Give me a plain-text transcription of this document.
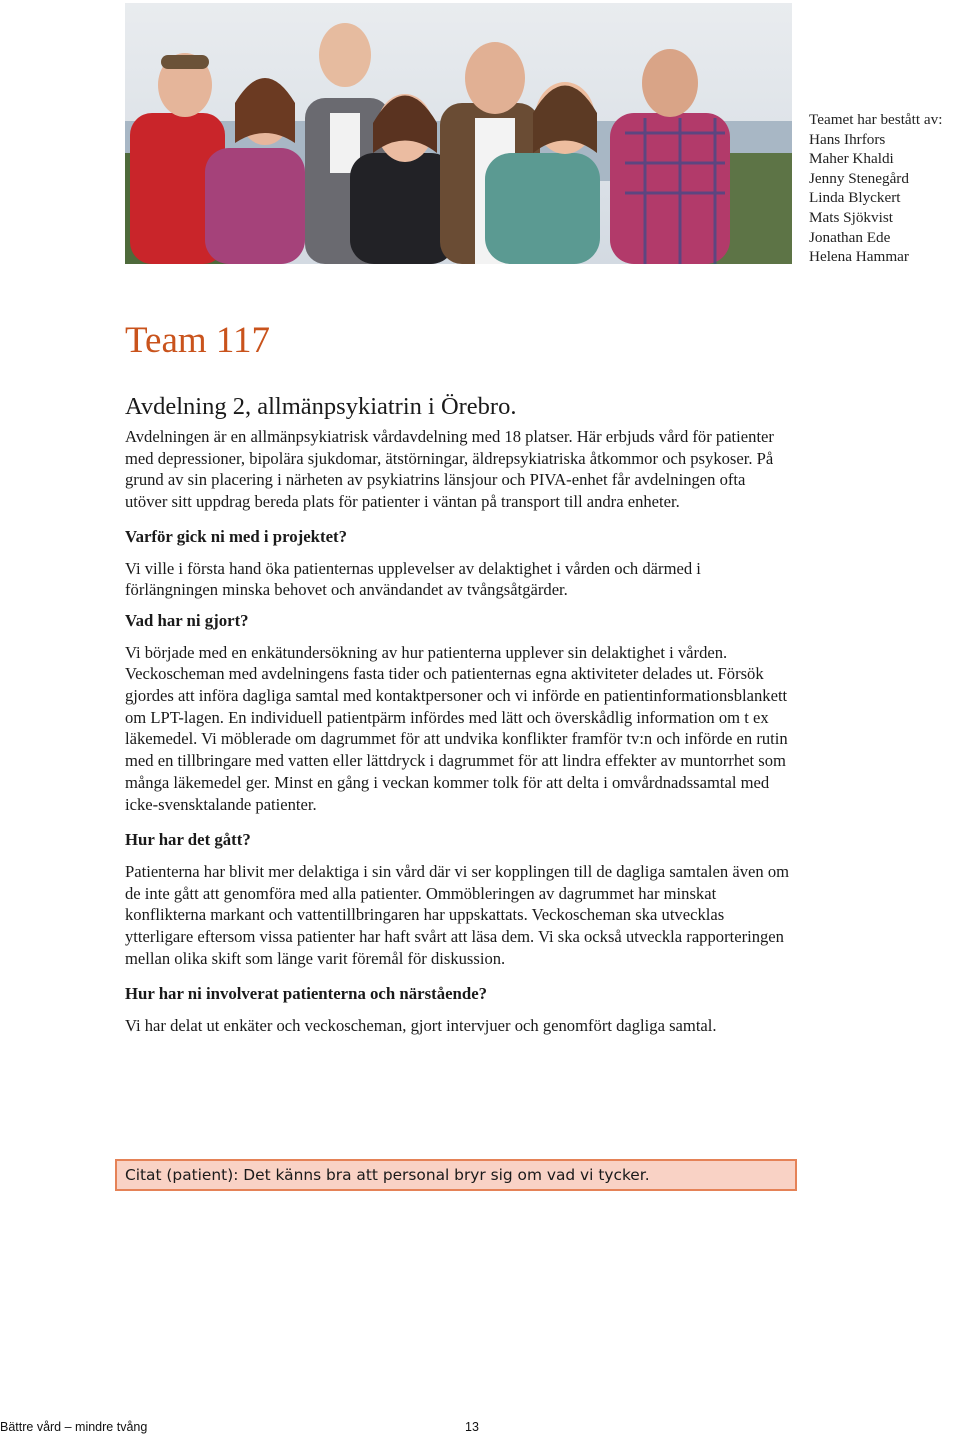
Teamet har bestått av:
Hans Ihrfors
Maher Khaldi
Jenny Stenegård
Linda Blyckert
Mats Sjökvist
Jonathan Ede
Helena Hammar
Team 117
Avdelning 2, allmänpsykiatrin i Örebro.

Avdelningen är en allmänpsykiatrisk vårdavdelning med 18 platser. Här erbjuds vård för patienter med depressioner, bipolära sjukdomar, ätstörningar, äldrepsykiatriska åtkommor och psykoser. På grund av sin placering i närheten av psykiatrins länsjour och PIVA-enhet får avdelningen ofta utöver sitt uppdrag bereda plats för patienter i väntan på transport till andra enheter.

Varför gick ni med i projektet?

Vi ville i första hand öka patienternas upplevelser av delaktighet i vården och därmed i förlängningen minska behovet och användandet av tvångsåtgärder.

Vad har ni gjort?

Vi började med en enkätundersökning av hur patienterna upplever sin delaktighet i vården. Veckoscheman med avdelningens fasta tider och patienternas egna aktiviteter delades ut. Försök gjordes att införa dagliga samtal med kontaktpersoner och vi införde en patientinformationsblankett om LPT-lagen. En individuell patientpärm infördes med lätt och överskådlig information om t ex läkemedel. Vi möblerade om dagrummet för att undvika konflikter framför tv:n och införde en rutin med en tillbringare med vatten eller lättdryck i dagrummet för att lindra effekter av muntorrhet som många läkemedel ger. Minst en gång i veckan kommer tolk för att delta i omvårdnadssamtal med icke-svensktalande patienter.

Hur har det gått?

Patienterna har blivit mer delaktiga i sin vård där vi ser kopplingen till de dagliga samtalen även om de inte gått att genomföra med alla patienter. Ommöbleringen av dagrummet har minskat konflikterna markant och vattentillbringaren har uppskattats. Veckoscheman ska utvecklas ytterligare eftersom vissa patienter har haft svårt att läsa dem. Vi ska också utveckla rapporteringen mellan olika skift som länge varit föremål för diskussion.

Hur har ni involverat patienterna och närstående?

Vi har delat ut enkäter och veckoscheman, gjort intervjuer och genomfört dagliga samtal.

Citat (patient): Det känns bra att personal bryr sig om vad vi tycker.
Bättre vård – mindre tvång	13
